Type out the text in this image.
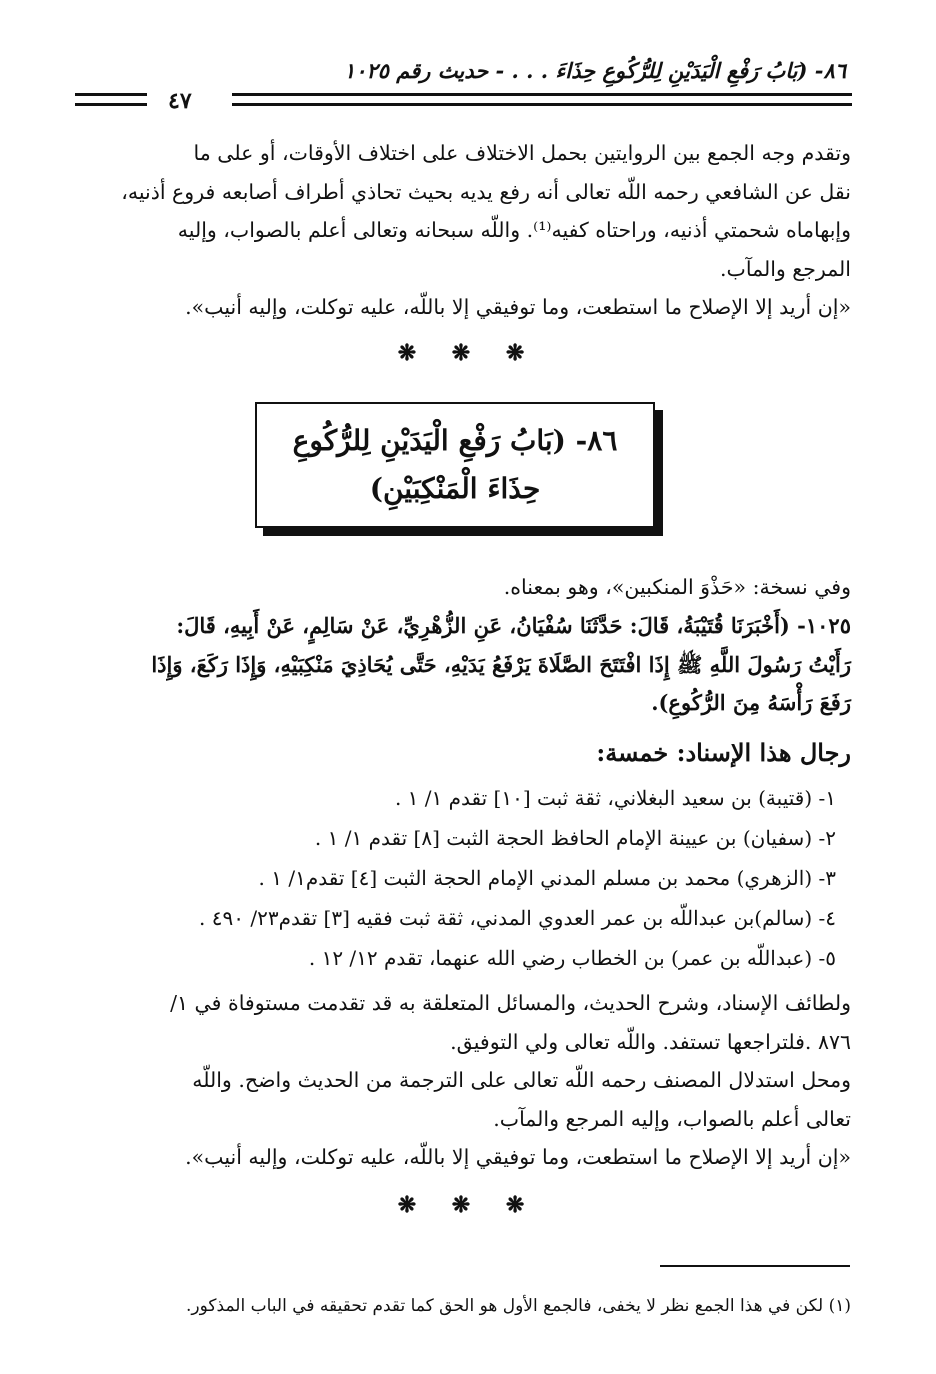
٨٦- (بَابُ رَفْعِ الْيَدَيْنِ لِلرُّكُوعِ حِذَاءَ . . . - حديث رقم ١٠٢٥
٤٧
وتقدم وجه الجمع بين الروايتين بحمل الاختلاف على اختلاف الأوقات، أو على ما
نقل عن الشافعي رحمه اللّه تعالى أنه رفع يديه بحيث تحاذي أطراف أصابعه فروع أذنيه،
وإبهاماه شحمتي أذنيه، وراحتاه كفيه⁽¹⁾. واللّه سبحانه وتعالى أعلم بالصواب، وإليه
المرجع والمآب.
«إن أريد إلا الإصلاح ما استطعت، وما توفيقي إلا باللّه، عليه توكلت، وإليه أنيب».
❋ ❋ ❋
٨٦- (بَابُ رَفْعِ الْيَدَيْنِ لِلرُّكُوعِ
حِذَاءَ الْمَنْكِبَيْنِ)
وفي نسخة: «حَذْوَ المنكبين»، وهو بمعناه.
١٠٢٥- (أَخْبَرَنَا قُتَيْبَةُ، قَالَ: حَدَّثَنَا سُفْيَانُ، عَنِ الزُّهْرِيِّ، عَنْ سَالِمٍ، عَنْ أَبِيهِ، قَالَ:
رَأَيْتُ رَسُولَ اللَّهِ ﷺ إِذَا افْتَتَحَ الصَّلَاةَ يَرْفَعُ يَدَيْهِ، حَتَّى يُحَاذِيَ مَنْكِبَيْهِ، وَإِذَا رَكَعَ، وَإِذَا
رَفَعَ رَأْسَهُ مِنَ الرُّكُوعِ).
رجال هذا الإسناد: خمسة:
١- (قتيبة) بن سعيد البغلاني، ثقة ثبت [١٠] تقدم ١/ ١ .
٢- (سفيان) بن عيينة الإمام الحافظ الحجة الثبت [٨] تقدم ١/ ١ .
٣- (الزهري) محمد بن مسلم المدني الإمام الحجة الثبت [٤] تقدم١/ ١ .
٤- (سالم)بن عبداللّه بن عمر العدوي المدني، ثقة ثبت فقيه [٣] تقدم٢٣/ ٤٩٠ .
٥- (عبداللّه بن عمر) بن الخطاب رضي الله عنهما، تقدم ١٢/ ١٢ .
ولطائف الإسناد، وشرح الحديث، والمسائل المتعلقة به قد تقدمت مستوفاة في ١/
٨٧٦ .فلتراجعها تستفد. واللّه تعالى ولي التوفيق.
ومحل استدلال المصنف رحمه اللّه تعالى على الترجمة من الحديث واضح. واللّه
تعالى أعلم بالصواب، وإليه المرجع والمآب.
«إن أريد إلا الإصلاح ما استطعت، وما توفيقي إلا باللّه، عليه توكلت، وإليه أنيب».
❋ ❋ ❋
(١) لكن في هذا الجمع نظر لا يخفى، فالجمع الأول هو الحق كما تقدم تحقيقه في الباب المذكور.
